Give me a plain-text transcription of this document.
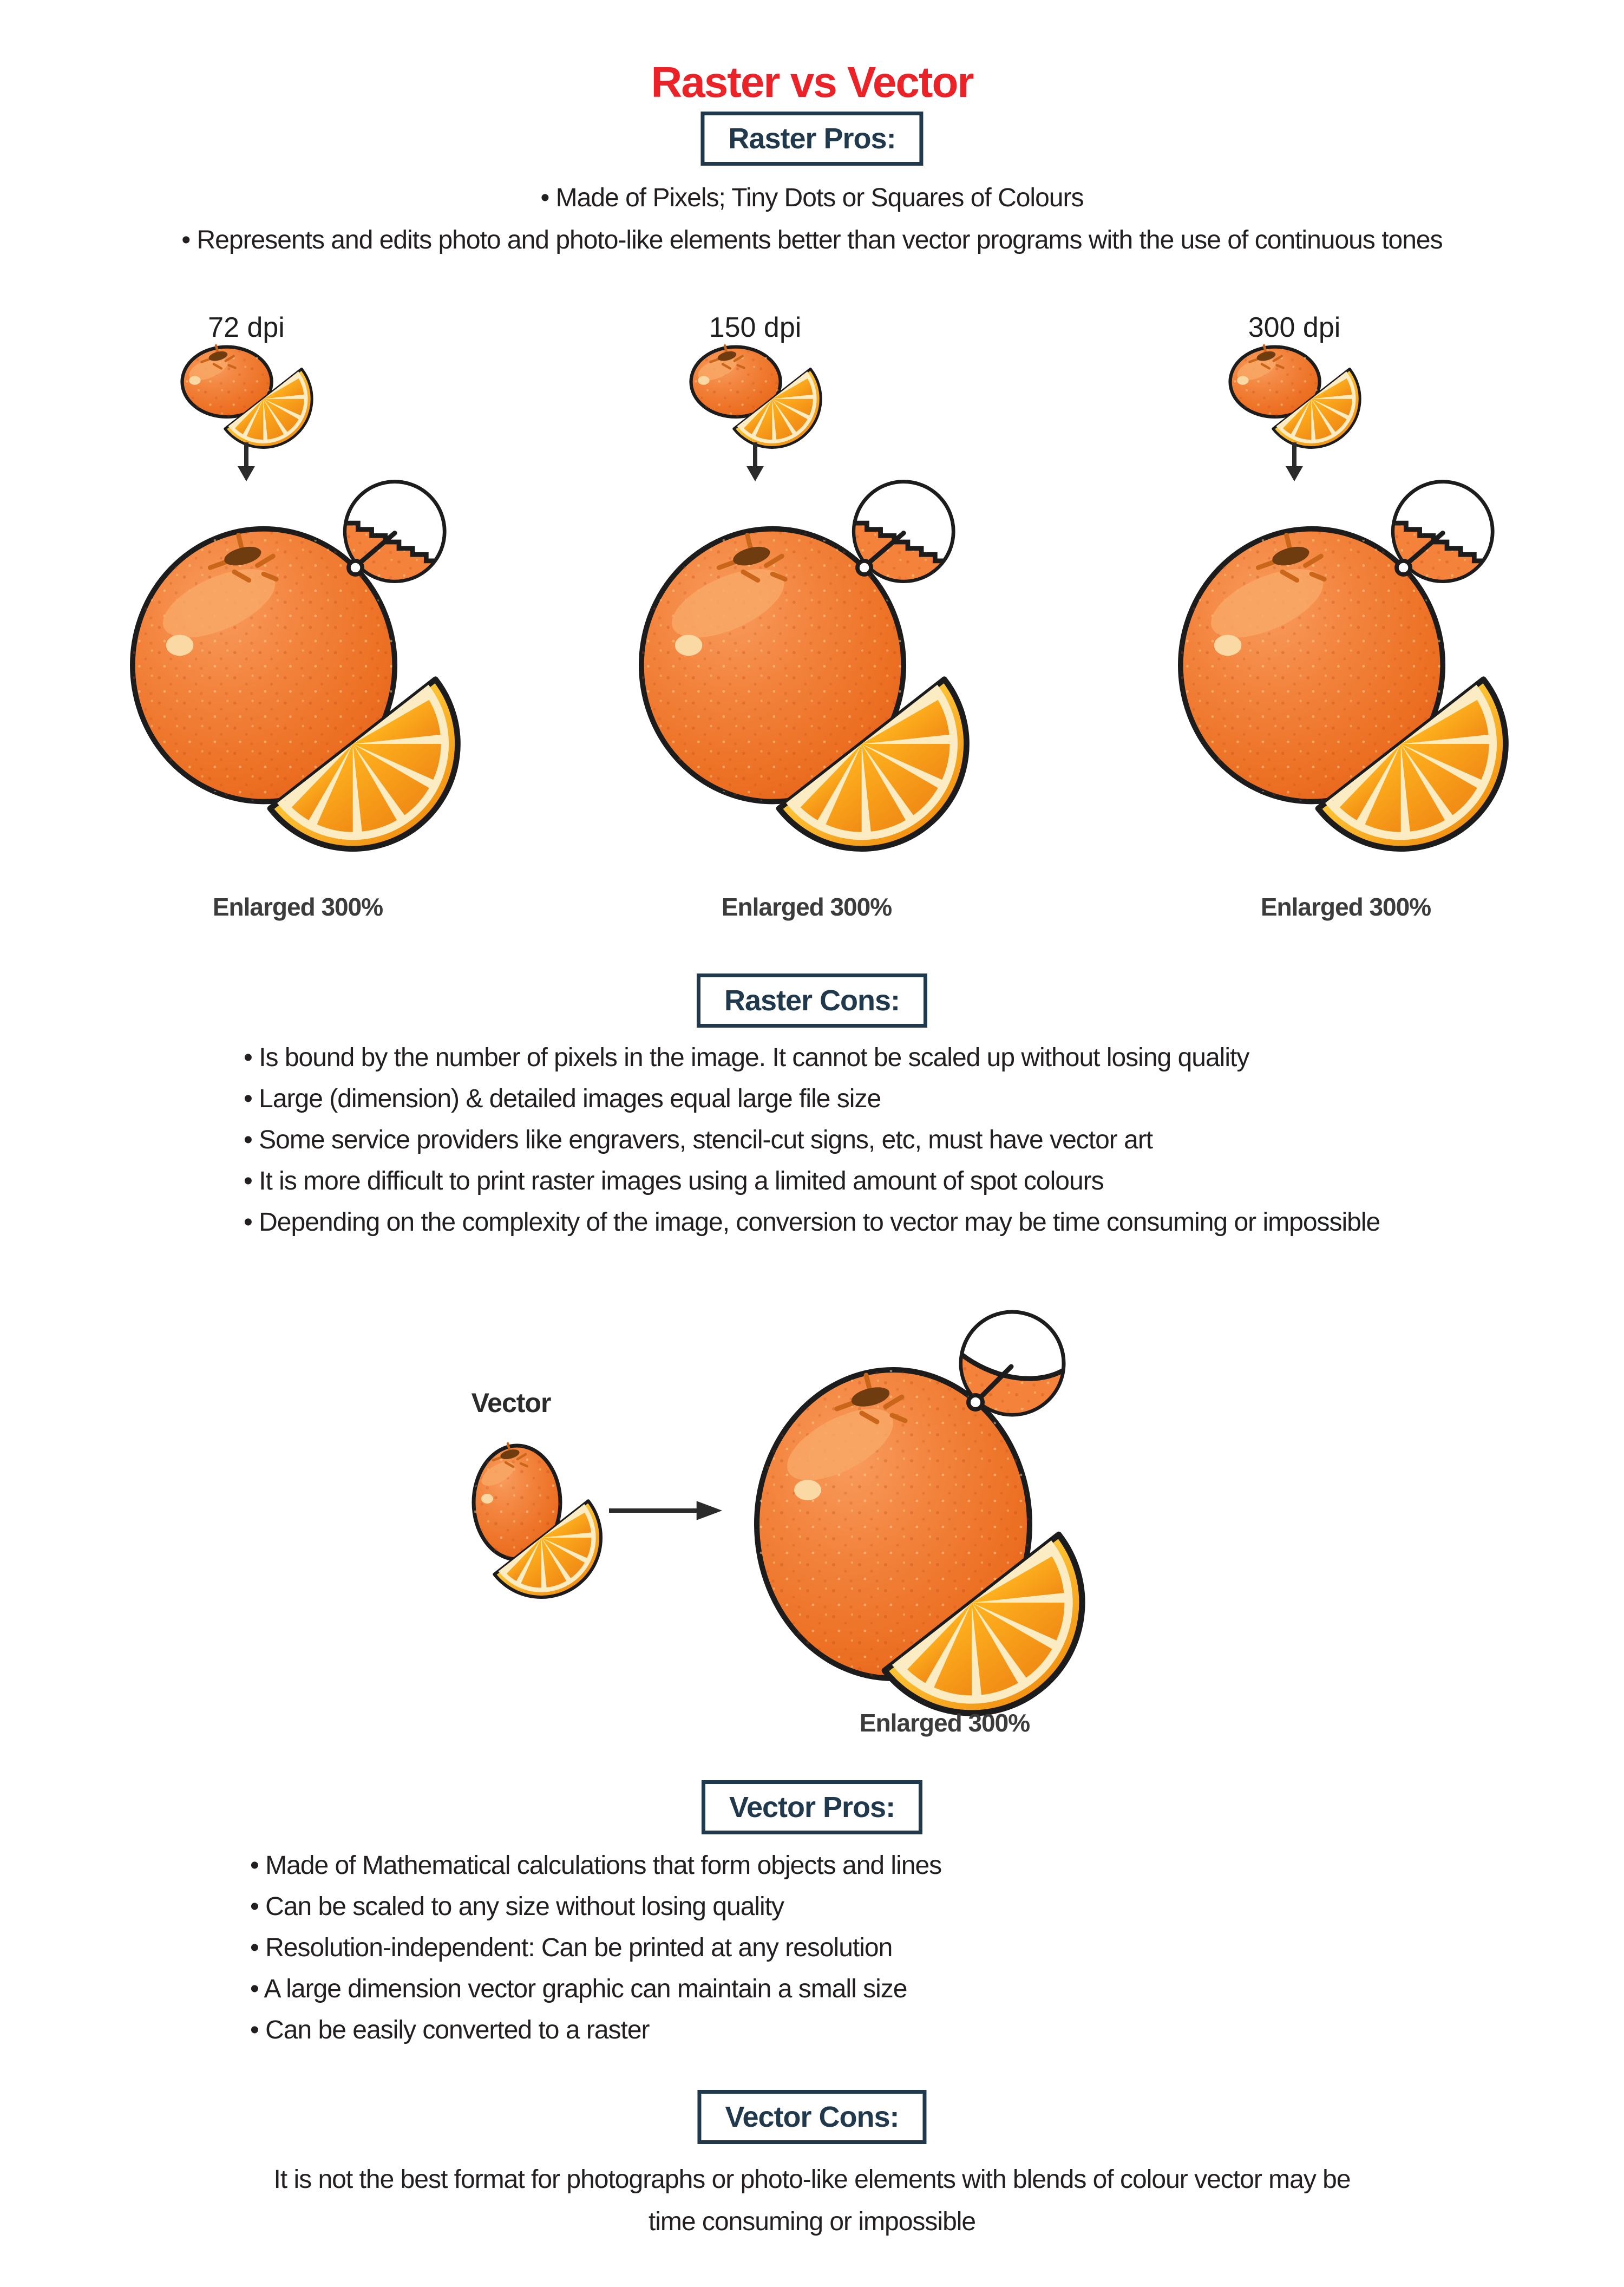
Raster vs Vector
Raster Pros:
• Made of Pixels; Tiny Dots or Squares of Colours
• Represents and edits photo and photo-like elements better than vector programs with the use of continuous tones
72 dpi
Enlarged 300%
150 dpi
Enlarged 300%
300 dpi
Enlarged 300%
Raster Cons:
• Is bound by the number of pixels in the image. It cannot be scaled up without losing quality
• Large (dimension) & detailed images equal large file size
• Some service providers like engravers, stencil-cut signs, etc, must have vector art
• It is more difficult to print raster images using a limited amount of spot colours
• Depending on the complexity of the image, conversion to vector may be time consuming or impossible
Vector
Enlarged 300%
Vector Pros:
• Made of Mathematical calculations that form objects and lines
• Can be scaled to any size without losing quality
• Resolution-independent: Can be printed at any resolution
• A large dimension vector graphic can maintain a small size
• Can be easily converted to a raster
Vector Cons:
It is not the best format for photographs or photo-like elements with blends of colour vector may be
time consuming or impossible
